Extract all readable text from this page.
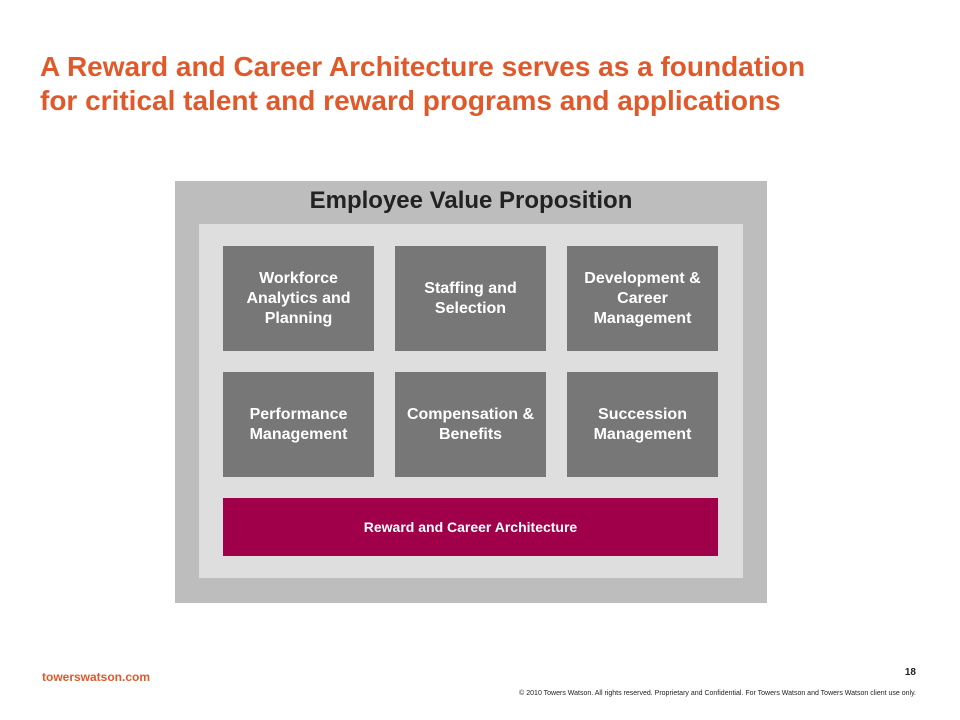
A Reward and Career Architecture serves as a foundation
for critical talent and reward programs and applications
Employee Value Proposition
Workforce Analytics and Planning
Staffing and Selection
Development & Career Management
Performance Management
Compensation & Benefits
Succession Management
Reward and Career Architecture
towerswatson.com	18
© 2010 Towers Watson. All rights reserved. Proprietary and Confidential. For Towers Watson and Towers Watson client use only.
